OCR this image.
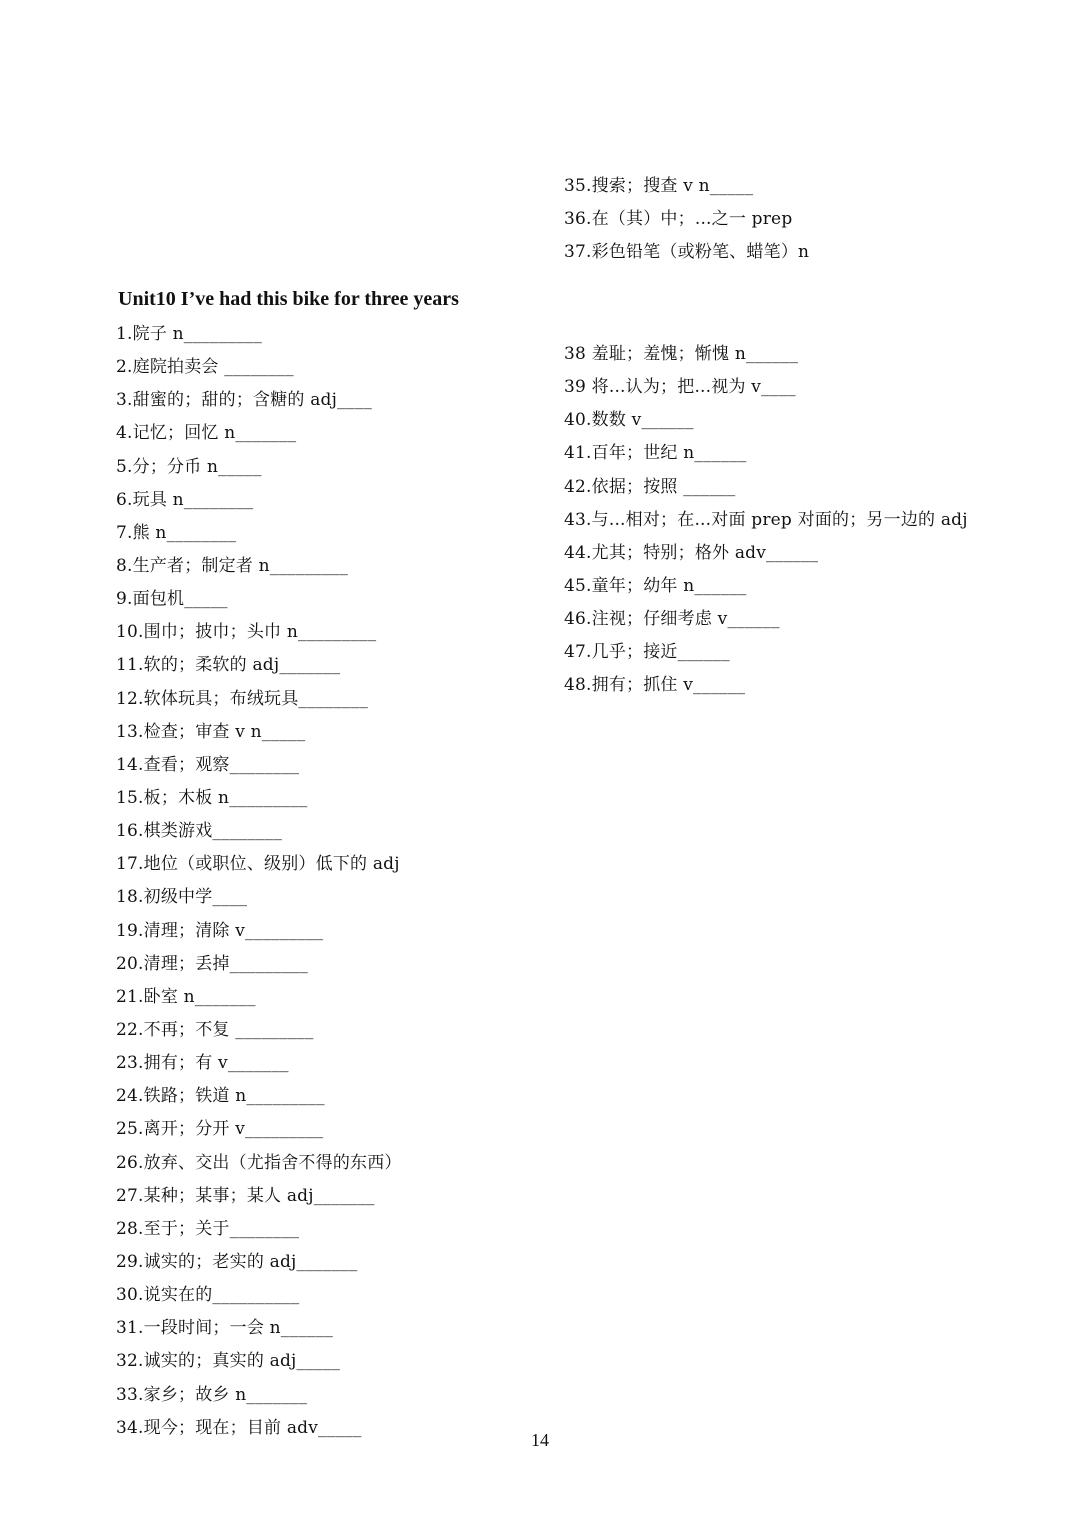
35.搜索；搜查 v n_____
36.在（其）中；...之一 prep
37.彩色铅笔（或粉笔、蜡笔）n
Unit10 I’ve had this bike for three years
1.院子 n_________
2.庭院拍卖会 ________
3.甜蜜的；甜的；含糖的 adj____
4.记忆；回忆 n_______
5.分；分币 n_____
6.玩具 n________
7.熊 n________
8.生产者；制定者 n_________
9.面包机_____
10.围巾；披巾；头巾 n_________
11.软的；柔软的 adj_______
12.软体玩具；布绒玩具________
13.检查；审查 v n_____
14.查看；观察________
15.板；木板 n_________
16.棋类游戏________
17.地位（或职位、级别）低下的 adj
18.初级中学____
19.清理；清除 v_________
20.清理；丢掉_________
21.卧室 n_______
22.不再；不复 _________
23.拥有；有 v_______
24.铁路；铁道 n_________
25.离开；分开 v_________
26.放弃、交出（尤指舍不得的东西）
27.某种；某事；某人 adj_______
28.至于；关于________
29.诚实的；老实的 adj_______
30.说实在的__________
31.一段时间；一会 n______
32.诚实的；真实的 adj_____
33.家乡；故乡 n_______
34.现今；现在；目前 adv_____
38 羞耻；羞愧；惭愧 n______
39 将...认为；把...视为 v____
40.数数 v______
41.百年；世纪 n______
42.依据；按照 ______
43.与...相对；在...对面 prep 对面的；另一边的 adj
44.尤其；特别；格外 adv______
45.童年；幼年 n______
46.注视；仔细考虑 v______
47.几乎；接近______
48.拥有；抓住 v______
14
